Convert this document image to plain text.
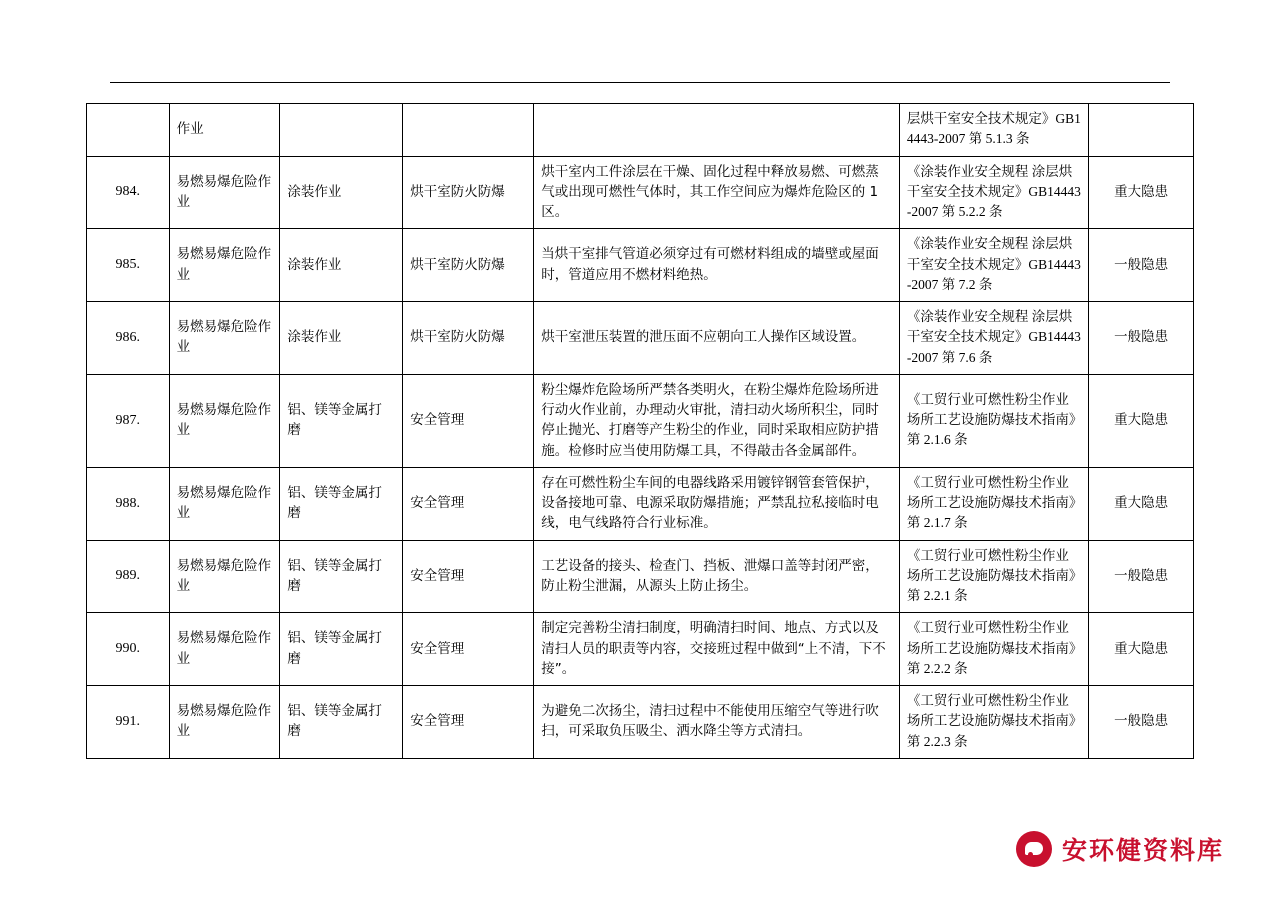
	作业				层烘干室安全技术规定》GB14443-2007 第 5.1.3 条	
984.	易燃易爆危险作业	涂装作业	烘干室防火防爆	烘干室内工件涂层在干燥、固化过程中释放易燃、可燃蒸气或出现可燃性气体时，其工作空间应为爆炸危险区的 1 区。	《涂装作业安全规程 涂层烘干室安全技术规定》GB14443-2007 第 5.2.2 条	重大隐患
985.	易燃易爆危险作业	涂装作业	烘干室防火防爆	当烘干室排气管道必须穿过有可燃材料组成的墙壁或屋面时，管道应用不燃材料绝热。	《涂装作业安全规程 涂层烘干室安全技术规定》GB14443-2007 第 7.2 条	一般隐患
986.	易燃易爆危险作业	涂装作业	烘干室防火防爆	烘干室泄压装置的泄压面不应朝向工人操作区域设置。	《涂装作业安全规程 涂层烘干室安全技术规定》GB14443-2007 第 7.6 条	一般隐患
987.	易燃易爆危险作业	铝、镁等金属打磨	安全管理	粉尘爆炸危险场所严禁各类明火，在粉尘爆炸危险场所进行动火作业前，办理动火审批，清扫动火场所积尘，同时停止抛光、打磨等产生粉尘的作业，同时采取相应防护措施。检修时应当使用防爆工具，不得敲击各金属部件。	《工贸行业可燃性粉尘作业场所工艺设施防爆技术指南》第 2.1.6 条	重大隐患
988.	易燃易爆危险作业	铝、镁等金属打磨	安全管理	存在可燃性粉尘车间的电器线路采用镀锌钢管套管保护，设备接地可靠、电源采取防爆措施；严禁乱拉私接临时电线，电气线路符合行业标准。	《工贸行业可燃性粉尘作业场所工艺设施防爆技术指南》第 2.1.7 条	重大隐患
989.	易燃易爆危险作业	铝、镁等金属打磨	安全管理	工艺设备的接头、检查门、挡板、泄爆口盖等封闭严密，防止粉尘泄漏，从源头上防止扬尘。	《工贸行业可燃性粉尘作业场所工艺设施防爆技术指南》第 2.2.1 条	一般隐患
990.	易燃易爆危险作业	铝、镁等金属打磨	安全管理	制定完善粉尘清扫制度，明确清扫时间、地点、方式以及清扫人员的职责等内容，交接班过程中做到“上不清，下不接”。	《工贸行业可燃性粉尘作业场所工艺设施防爆技术指南》第 2.2.2 条	重大隐患
991.	易燃易爆危险作业	铝、镁等金属打磨	安全管理	为避免二次扬尘，清扫过程中不能使用压缩空气等进行吹扫，可采取负压吸尘、洒水降尘等方式清扫。	《工贸行业可燃性粉尘作业场所工艺设施防爆技术指南》第 2.2.3 条	一般隐患
安环健资料库
